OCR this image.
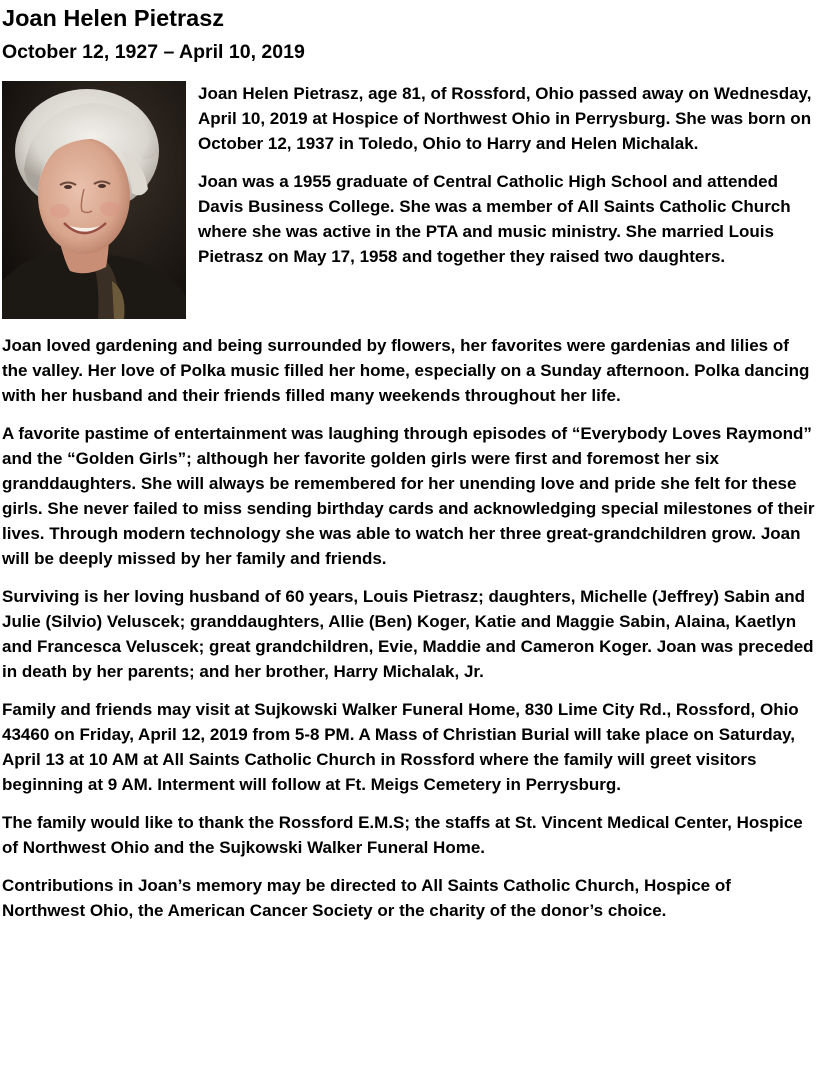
Joan Helen Pietrasz
October 12, 1927 – April 10, 2019

Joan Helen Pietrasz, age 81, of Rossford, Ohio passed away on Wednesday, April 10, 2019 at Hospice of Northwest Ohio in Perrysburg. She was born on October 12, 1937 in Toledo, Ohio to Harry and Helen Michalak.

Joan was a 1955 graduate of Central Catholic High School and attended Davis Business College. She was a member of All Saints Catholic Church where she was active in the PTA and music ministry. She married Louis Pietrasz on May 17, 1958 and together they raised two daughters.

Joan loved gardening and being surrounded by flowers, her favorites were gardenias and lilies of the valley. Her love of Polka music filled her home, especially on a Sunday afternoon. Polka dancing with her husband and their friends filled many weekends throughout her life.

A favorite pastime of entertainment was laughing through episodes of “Everybody Loves Raymond” and the “Golden Girls”; although her favorite golden girls were first and foremost her six granddaughters. She will always be remembered for her unending love and pride she felt for these girls. She never failed to miss sending birthday cards and acknowledging special milestones of their lives. Through modern technology she was able to watch her three great-grandchildren grow. Joan will be deeply missed by her family and friends.

Surviving is her loving husband of 60 years, Louis Pietrasz; daughters, Michelle (Jeffrey) Sabin and Julie (Silvio) Veluscek; granddaughters, Allie (Ben) Koger, Katie and Maggie Sabin, Alaina, Kaetlyn and Francesca Veluscek; great grandchildren, Evie, Maddie and Cameron Koger. Joan was preceded in death by her parents; and her brother, Harry Michalak, Jr.

Family and friends may visit at Sujkowski Walker Funeral Home, 830 Lime City Rd., Rossford, Ohio 43460 on Friday, April 12, 2019 from 5-8 PM. A Mass of Christian Burial will take place on Saturday, April 13 at 10 AM at All Saints Catholic Church in Rossford where the family will greet visitors beginning at 9 AM. Interment will follow at Ft. Meigs Cemetery in Perrysburg.

The family would like to thank the Rossford E.M.S; the staffs at St. Vincent Medical Center, Hospice of Northwest Ohio and the Sujkowski Walker Funeral Home.

Contributions in Joan’s memory may be directed to All Saints Catholic Church, Hospice of Northwest Ohio, the American Cancer Society or the charity of the donor’s choice.
